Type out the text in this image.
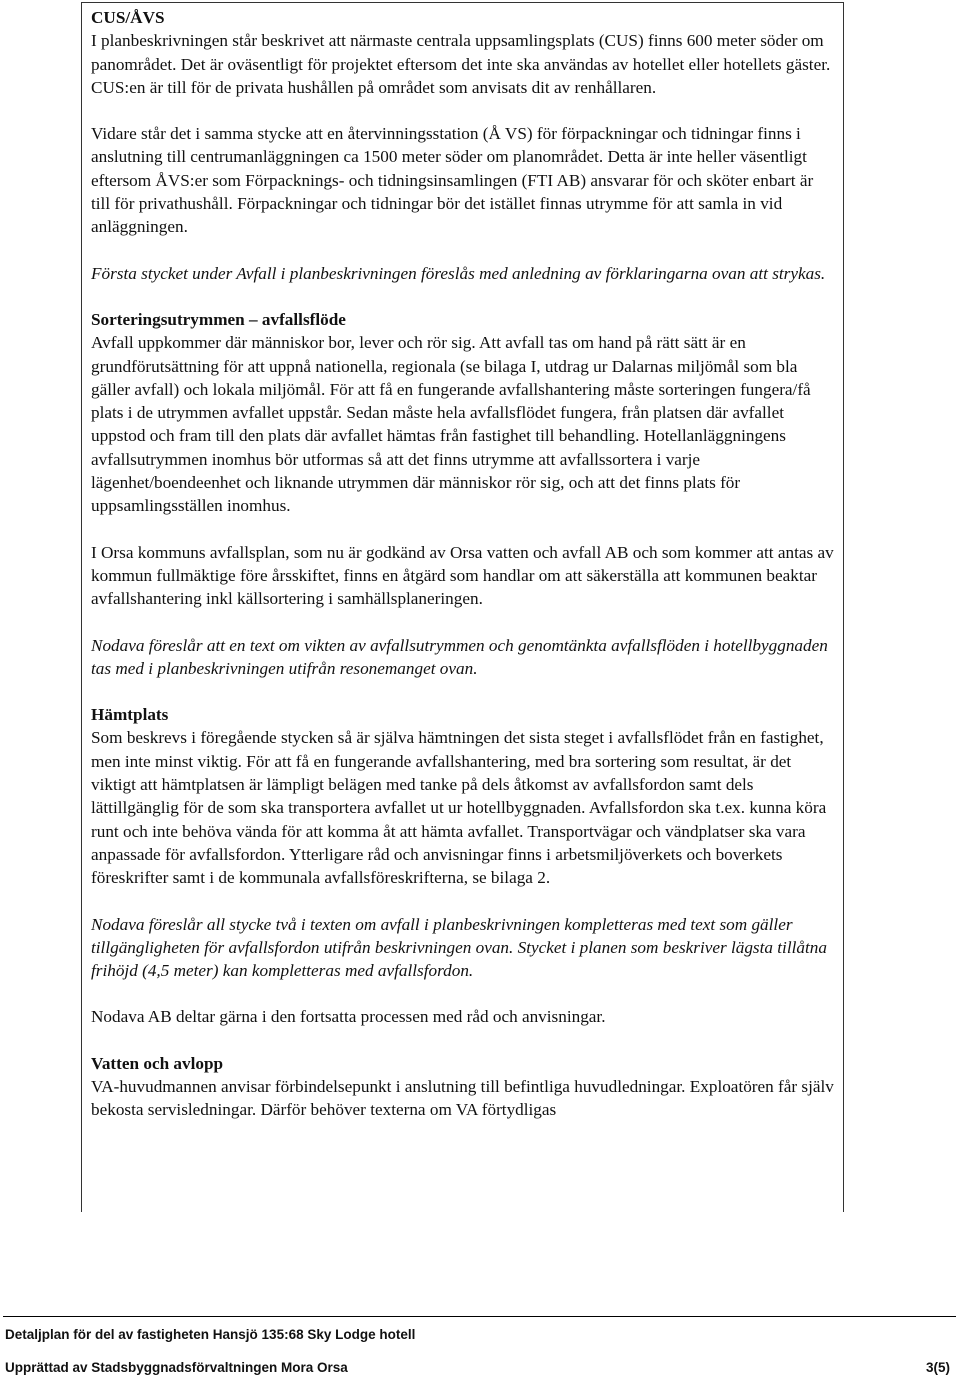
CUS/ÅVS
I planbeskrivningen står beskrivet att närmaste centrala uppsamlingsplats (CUS) finns 600 meter söder om panområdet. Det är oväsentligt för projektet eftersom det inte ska användas av hotellet eller hotellets gäster. CUS:en är till för de privata hushållen på området som anvisats dit av renhållaren.

Vidare står det i samma stycke att en återvinningsstation (Å VS) för förpackningar och tidningar finns i anslutning till centrumanläggningen ca 1500 meter söder om planområdet. Detta är inte heller väsentligt eftersom ÅVS:er som Förpacknings- och tidningsinsamlingen (FTI AB) ansvarar för och sköter enbart är till för privathushåll. Förpackningar och tidningar bör det istället finnas utrymme för att samla in vid anläggningen.

Första stycket under Avfall i planbeskrivningen föreslås med anledning av förklaringarna ovan att strykas.

Sorteringsutrymmen – avfallsflöde
Avfall uppkommer där människor bor, lever och rör sig. Att avfall tas om hand på rätt sätt är en grundförutsättning för att uppnå nationella, regionala (se bilaga I, utdrag ur Dalarnas miljömål som bla gäller avfall) och lokala miljömål. För att få en fungerande avfallshantering måste sorteringen fungera/få plats i de utrymmen avfallet uppstår. Sedan måste hela avfallsflödet fungera, från platsen där avfallet uppstod och fram till den plats där avfallet hämtas från fastighet till behandling. Hotellanläggningens avfallsutrymmen inomhus bör utformas så att det finns utrymme att avfallssortera i varje lägenhet/boendeenhet och liknande utrymmen där människor rör sig, och att det finns plats för uppsamlingsställen inomhus.

I Orsa kommuns avfallsplan, som nu är godkänd av Orsa vatten och avfall AB och som kommer att antas av kommun fullmäktige före årsskiftet, finns en åtgärd som handlar om att säkerställa att kommunen beaktar avfallshantering inkl källsortering i samhällsplaneringen.

Nodava föreslår att en text om vikten av avfallsutrymmen och genomtänkta avfallsflöden i hotellbyggnaden tas med i planbeskrivningen utifrån resonemanget ovan.

Hämtplats
Som beskrevs i föregående stycken så är själva hämtningen det sista steget i avfallsflödet från en fastighet, men inte minst viktig. För att få en fungerande avfallshantering, med bra sortering som resultat, är det viktigt att hämtplatsen är lämpligt belägen med tanke på dels åtkomst av avfallsfordon samt dels lättillgänglig för de som ska transportera avfallet ut ur hotellbyggnaden. Avfallsfordon ska t.ex. kunna köra runt och inte behöva vända för att komma åt att hämta avfallet. Transportvägar och vändplatser ska vara anpassade för avfallsfordon. Ytterligare råd och anvisningar finns i arbetsmiljöverkets och boverkets föreskrifter samt i de kommunala avfallsföreskrifterna, se bilaga 2.

Nodava föreslår all stycke två i texten om avfall i planbeskrivningen kompletteras med text som gäller tillgängligheten för avfallsfordon utifrån beskrivningen ovan. Stycket i planen som beskriver lägsta tillåtna frihöjd (4,5 meter) kan kompletteras med avfallsfordon.

Nodava AB deltar gärna i den fortsatta processen med råd och anvisningar.

Vatten och avlopp
VA-huvudmannen anvisar förbindelsepunkt i anslutning till befintliga huvudledningar. Exploatören får själv bekosta servisledningar. Därför behöver texterna om VA förtydligas

Detaljplan för del av fastigheten Hansjö 135:68 Sky Lodge hotell
Upprättad av Stadsbyggnadsförvaltningen Mora Orsa	3(5)
